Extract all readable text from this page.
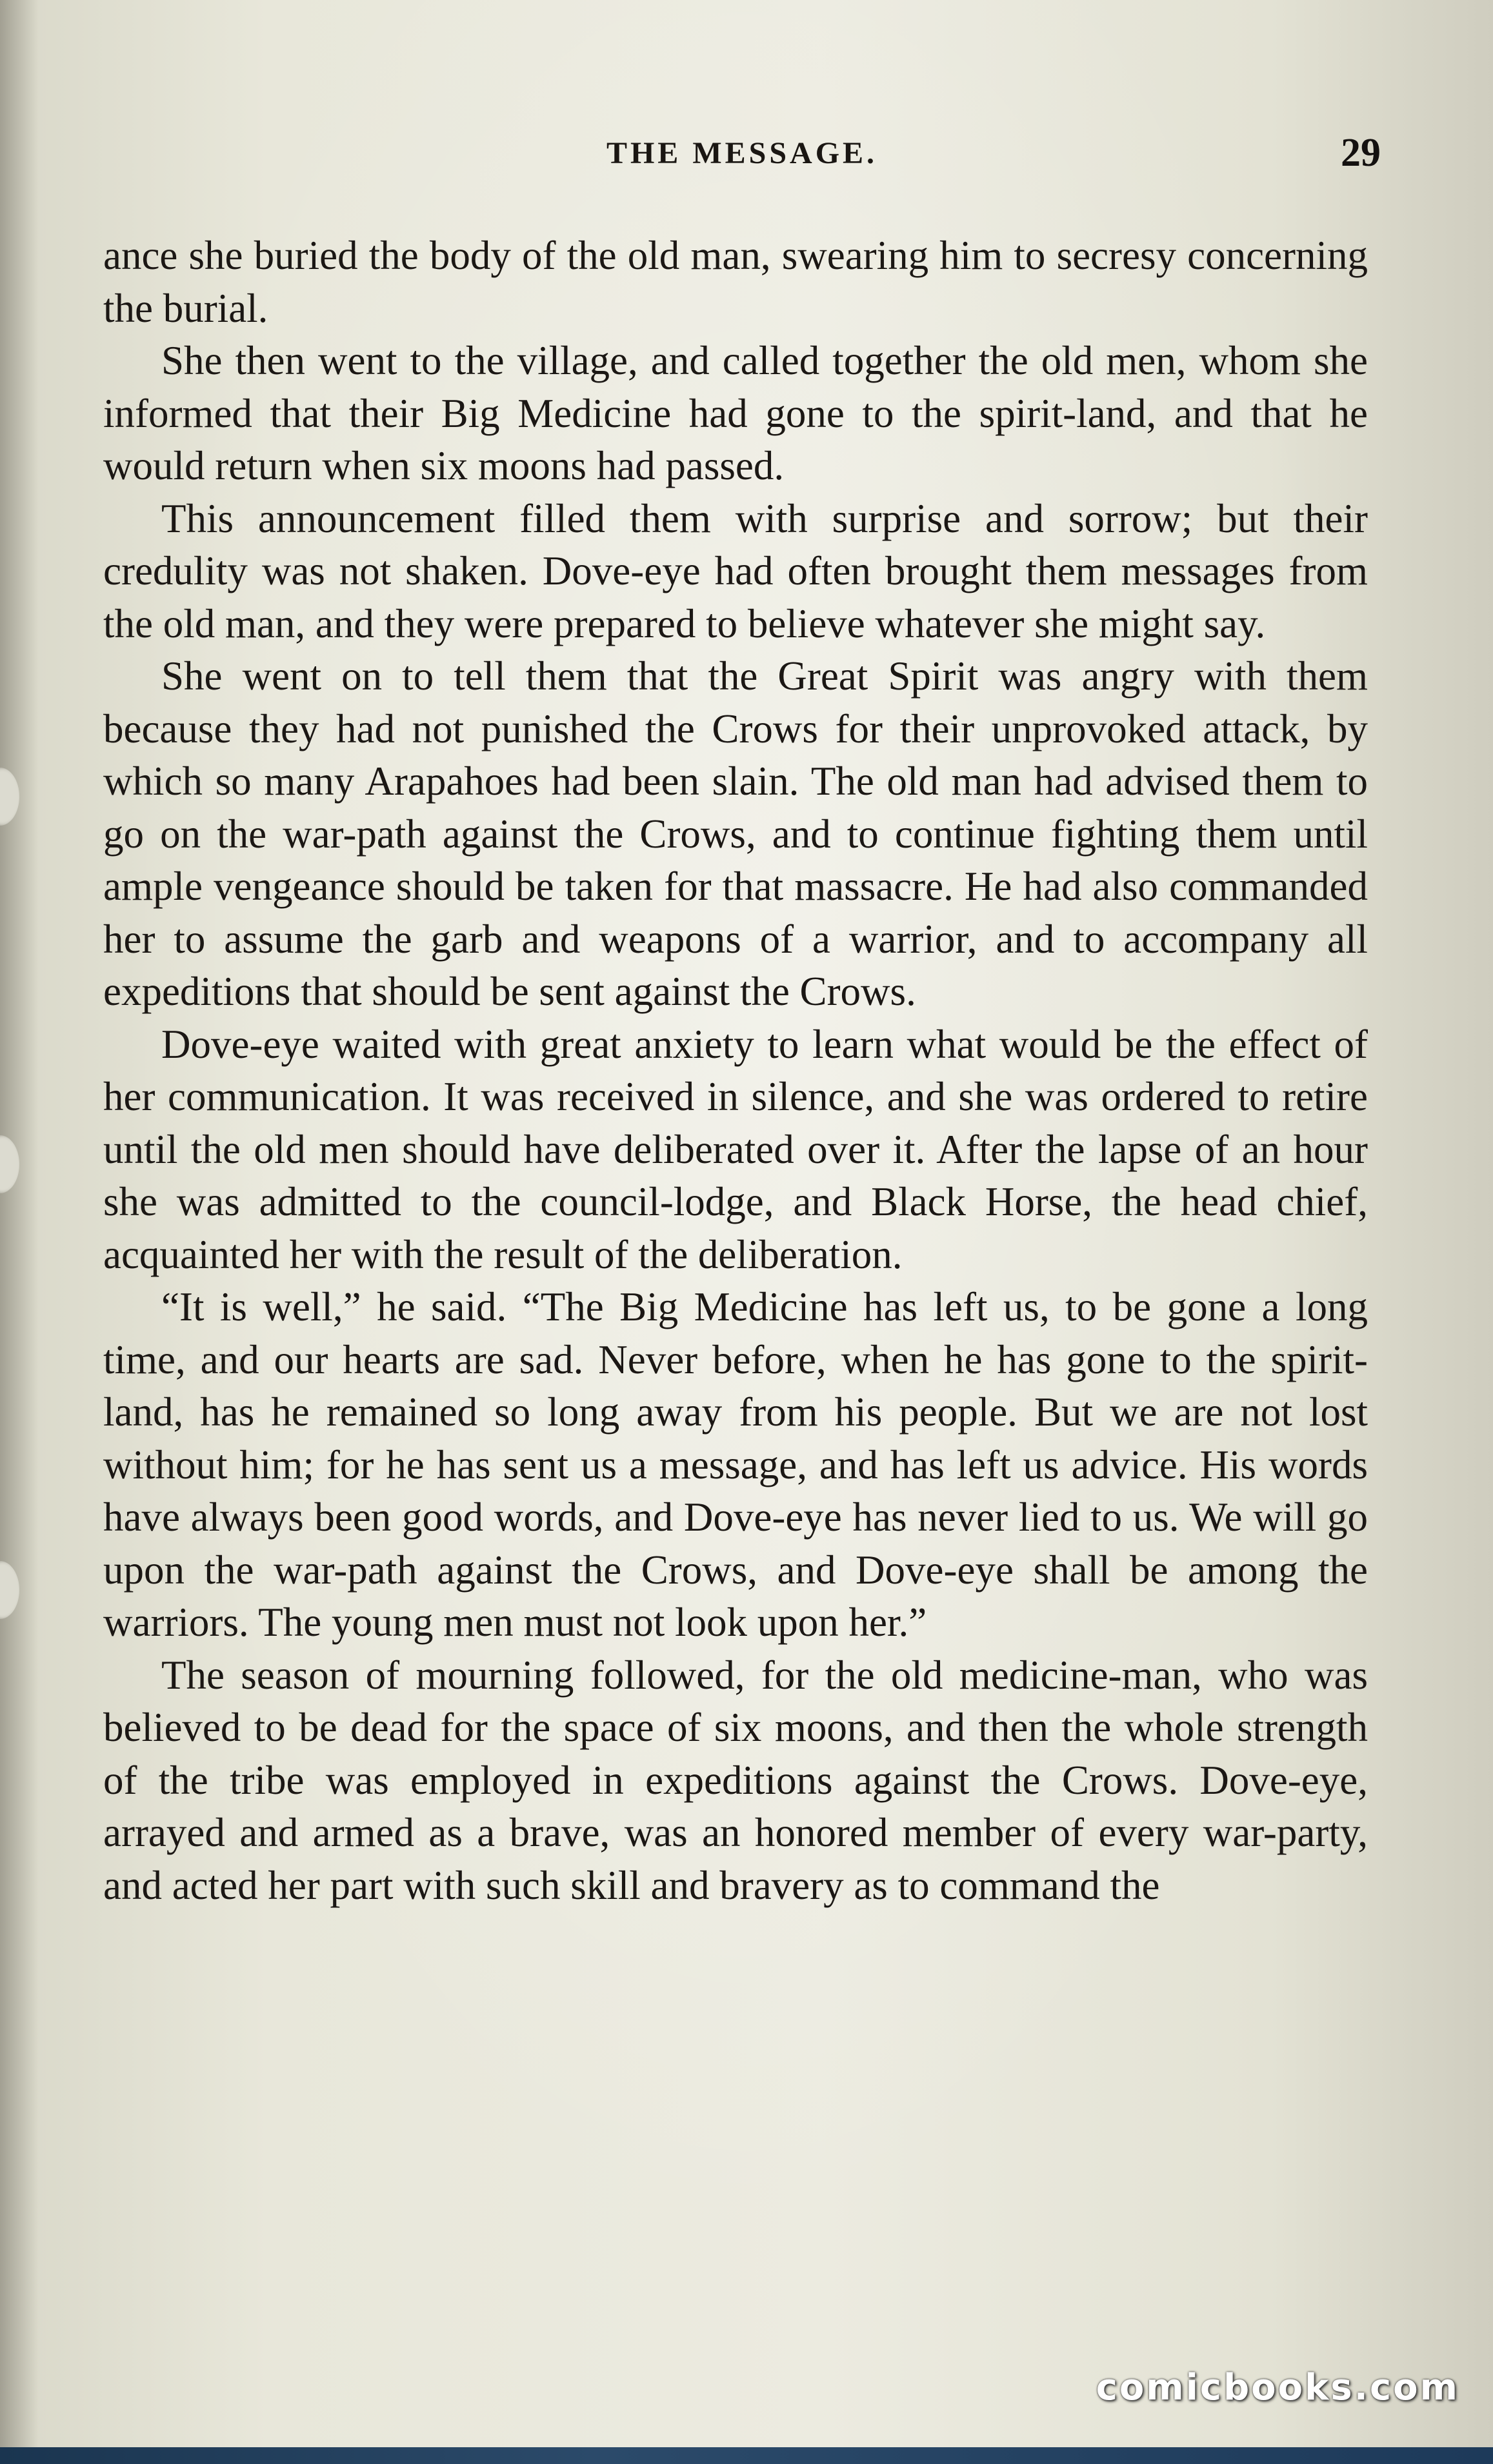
THE MESSAGE.	29

ance she buried the body of the old man, swearing him to secresy concerning the burial.

She then went to the village, and called together the old men, whom she informed that their Big Medicine had gone to the spirit-land, and that he would return when six moons had passed.

This announcement filled them with surprise and sorrow; but their credulity was not shaken. Dove-eye had often brought them messages from the old man, and they were prepared to believe whatever she might say.

She went on to tell them that the Great Spirit was angry with them because they had not punished the Crows for their unprovoked attack, by which so many Arapahoes had been slain. The old man had advised them to go on the war-path against the Crows, and to continue fighting them until ample vengeance should be taken for that massacre. He had also commanded her to assume the garb and weapons of a warrior, and to accompany all expeditions that should be sent against the Crows.

Dove-eye waited with great anxiety to learn what would be the effect of her communication. It was received in silence, and she was ordered to retire until the old men should have deliberated over it. After the lapse of an hour she was admitted to the council-lodge, and Black Horse, the head chief, acquainted her with the result of the deliberation.

“It is well,” he said. “The Big Medicine has left us, to be gone a long time, and our hearts are sad. Never before, when he has gone to the spirit-land, has he remained so long away from his people. But we are not lost without him; for he has sent us a message, and has left us advice. His words have always been good words, and Dove-eye has never lied to us. We will go upon the war-path against the Crows, and Dove-eye shall be among the warriors. The young men must not look upon her.”

The season of mourning followed, for the old medicine-man, who was believed to be dead for the space of six moons, and then the whole strength of the tribe was employed in expeditions against the Crows. Dove-eye, arrayed and armed as a brave, was an honored member of every war-party, and acted her part with such skill and bravery as to command the

comicbooks.com
